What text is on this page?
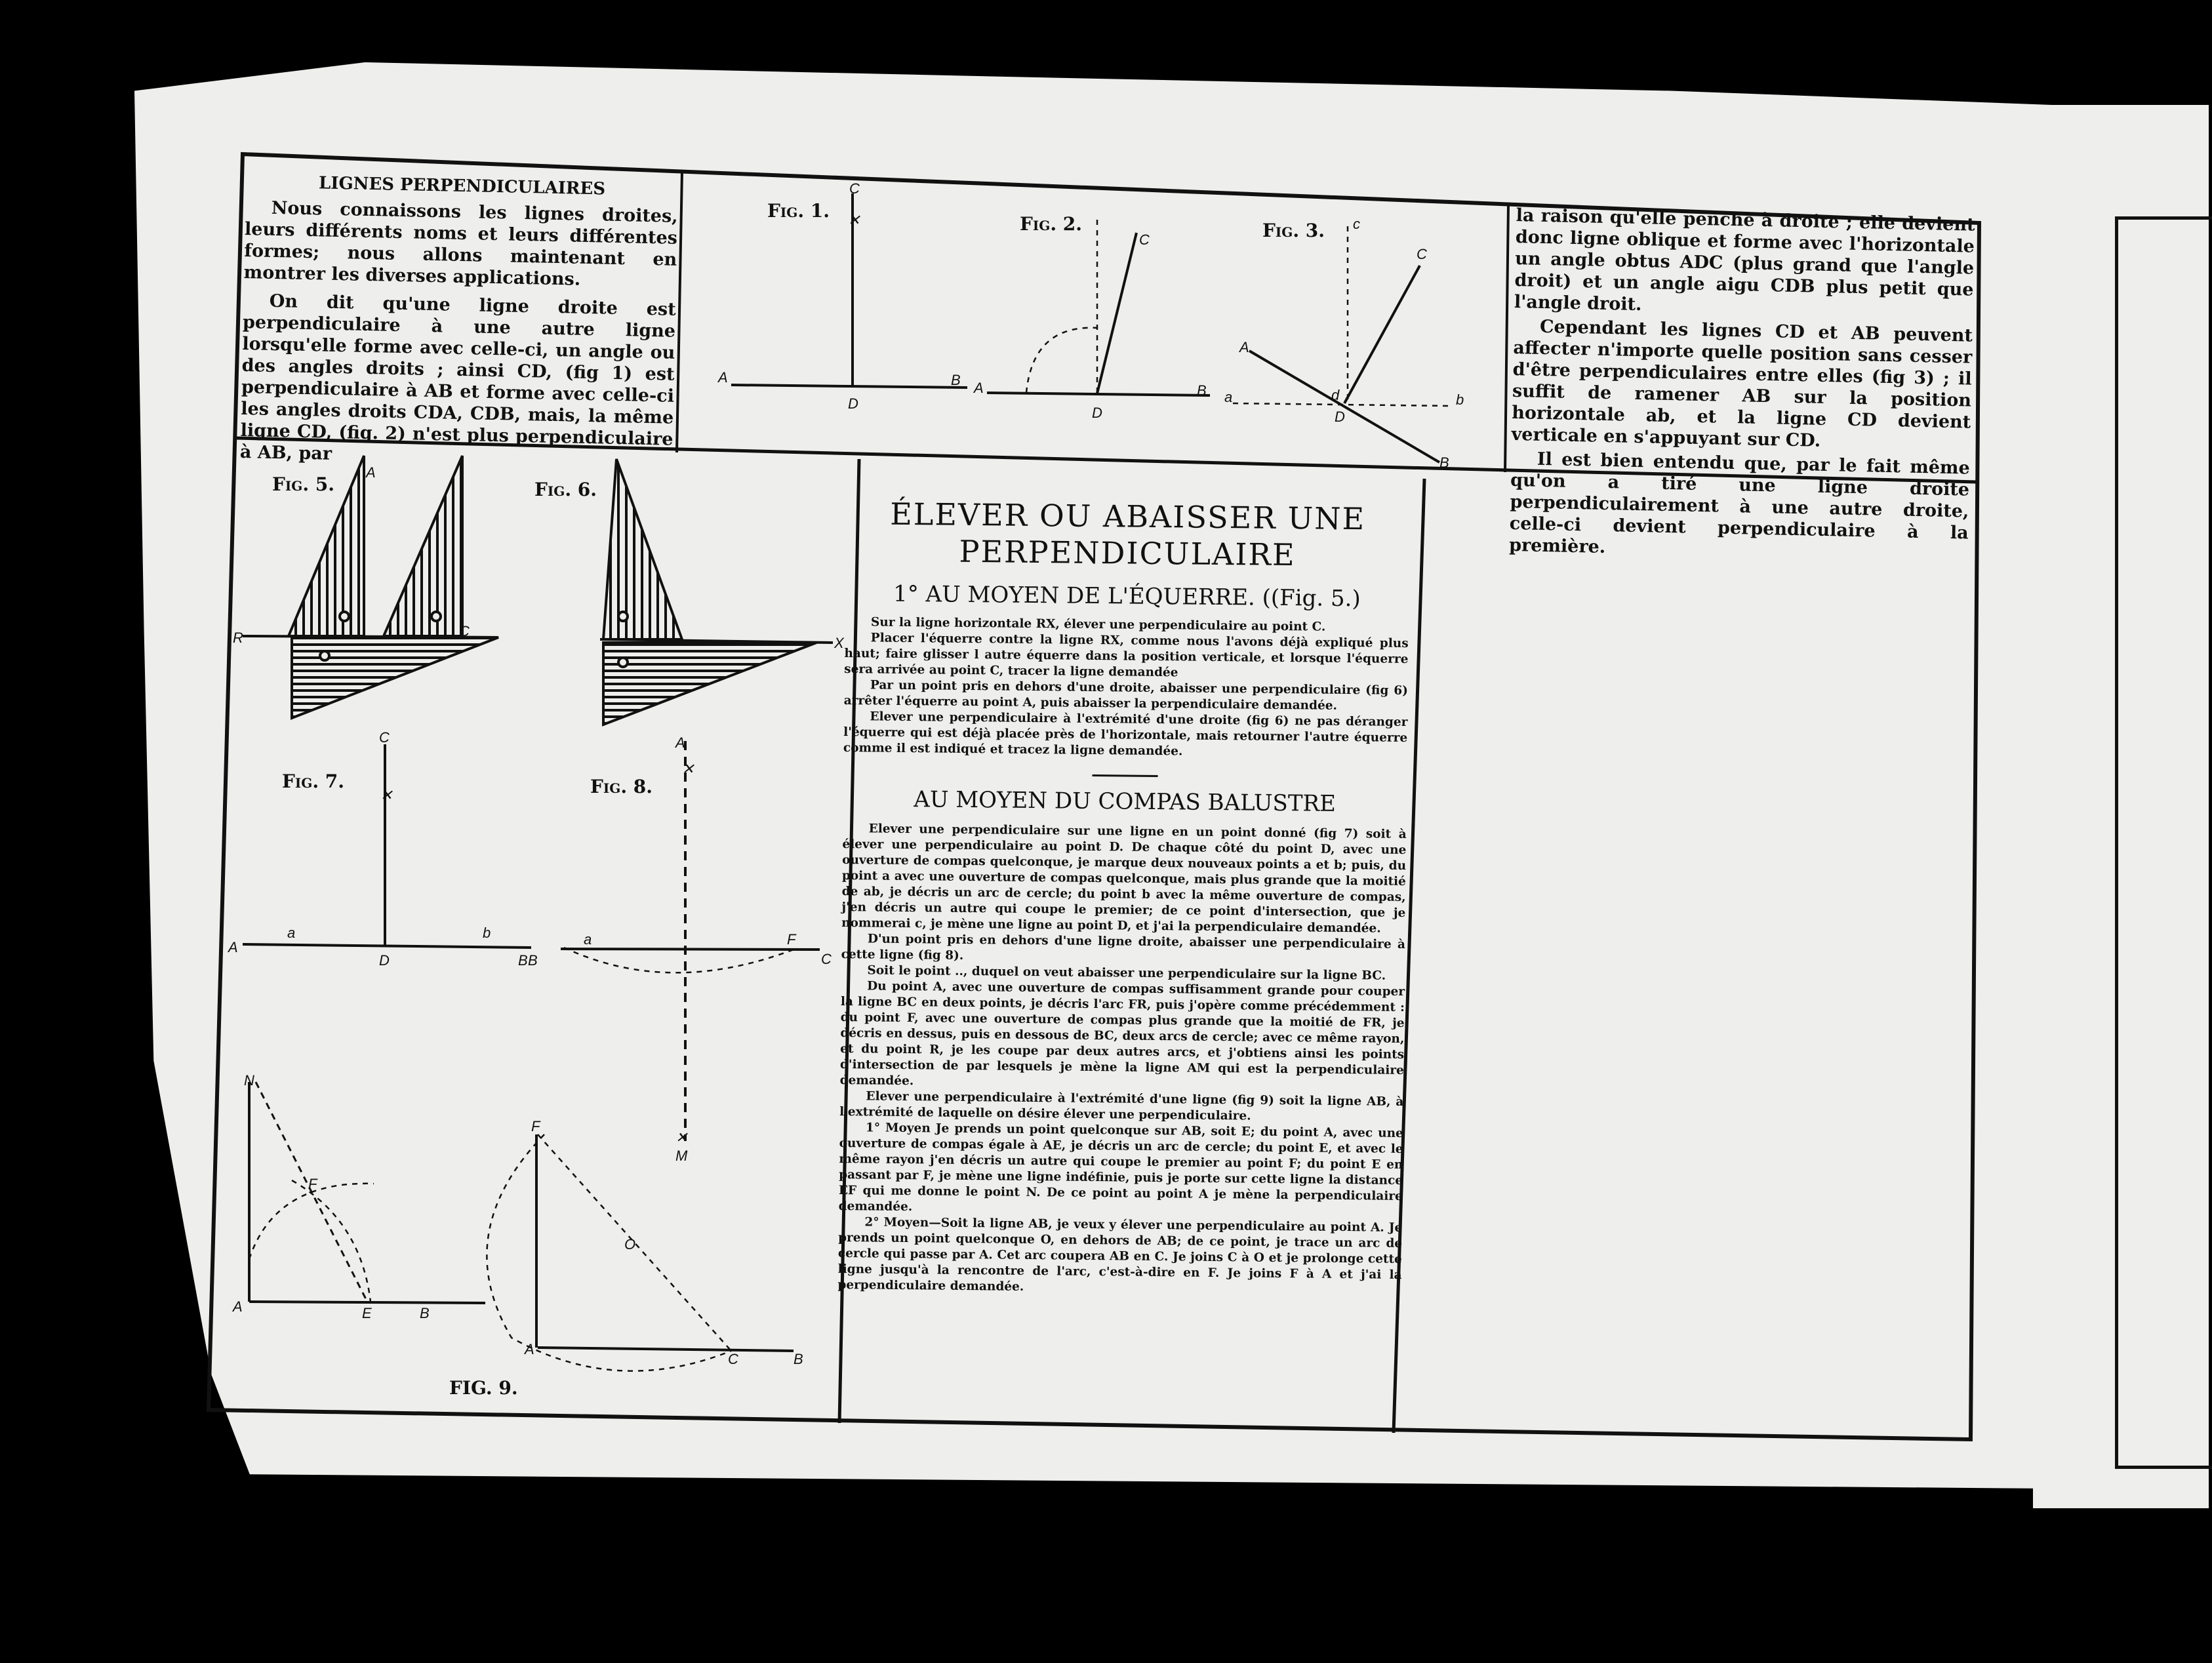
LIGNES PERPENDICULAIRES

Nous connaissons les lignes droites, leurs différents noms et leurs différentes formes; nous allons maintenant en montrer les diverses applications.

On dit qu'une ligne droite est perpendiculaire à une autre ligne lorsqu'elle forme avec celle-ci, un angle ou des angles droits ; ainsi CD, (fig 1) est perpendiculaire à AB et forme avec celle-ci les angles droits CDA, CDB, mais, la même ligne CD, (fig. 2) n'est plus perpendiculaire à AB, par

C
✕
A	B
D
C
A	B
D
c
C
A
a	b
d
D
B
Fig. 1.
Fig. 2.	Fig. 3.	la raison qu'elle penche à droite ; elle devient donc ligne oblique et forme avec l'horizontale un angle obtus ADC (plus grand que l'angle droit) et un angle aigu CDB plus petit que l'angle droit.

Cependant les lignes CD et AB peuvent affecter n'importe quelle position sans cesser d'être perpendiculaires entre elles (fig 3) ; il suffit de ramener AB sur la position horizontale ab, et la ligne CD devient verticale en s'appuyant sur CD.

Il est bien entendu que, par le fait même qu'on a tiré une ligne droite perpendiculairement à une autre droite, celle-ci devient perpendiculaire à la première.

R
A
C
X
A
C
✕
A
a	b
D	B B
a	F
C
✕
✕
M
N
F
A	E	B
F
O
A
C	B
Fig. 5.	Fig. 6.
Fig. 7.	Fig. 8.
FIG. 9.
ÉLEVER OU ABAISSER UNE
PERPENDICULAIRE
1° AU MOYEN DE L'ÉQUERRE. ((Fig. 5.)

Sur la ligne horizontale RX, élever une perpendiculaire au point C.

Placer l'équerre contre la ligne RX, comme nous l'avons déjà expliqué plus haut; faire glisser l autre équerre dans la position verticale, et lorsque l'équerre sera arrivée au point C, tracer la ligne demandée

Par un point pris en dehors d'une droite, abaisser une perpendiculaire (fig 6) arrêter l'équerre au point A, puis abaisser la perpendiculaire demandée.

Elever une perpendiculaire à l'extrémité d'une droite (fig 6) ne pas déranger l'équerre qui est déjà placée près de l'horizontale, mais retourner l'autre équerre comme il est indiqué et tracez la ligne demandée.

AU MOYEN DU COMPAS BALUSTRE

Elever une perpendiculaire sur une ligne en un point donné (fig 7) soit à élever une perpendiculaire au point D. De chaque côté du point D, avec une ouverture de compas quelconque, je marque deux nouveaux points a et b; puis, du point a avec une ouverture de compas quelconque, mais plus grande que la moitié de ab, je décris un arc de cercle; du point b avec la même ouverture de compas, j'en décris un autre qui coupe le premier; de ce point d'intersection, que je nommerai c, je mène une ligne au point D, et j'ai la perpendiculaire demandée.

D'un point pris en dehors d'une ligne droite, abaisser une perpendiculaire à cette ligne (fig 8).

Soit le point .., duquel on veut abaisser une perpendiculaire sur la ligne BC.

Du point A, avec une ouverture de compas suffisamment grande pour couper la ligne BC en deux points, je décris l'arc FR, puis j'opère comme précédemment : du point F, avec une ouverture de compas plus grande que la moitié de FR, je décris en dessus, puis en dessous de BC, deux arcs de cercle; avec ce même rayon, et du point R, je les coupe par deux autres arcs, et j'obtiens ainsi les points d'intersection de par lesquels je mène la ligne AM qui est la perpendiculaire demandée.

Elever une perpendiculaire à l'extrémité d'une ligne (fig 9) soit la ligne AB, à l'extrémité de laquelle on désire élever une perpendiculaire.

1° Moyen Je prends un point quelconque sur AB, soit E; du point A, avec une ouverture de compas égale à AE, je décris un arc de cercle; du point E, et avec le même rayon j'en décris un autre qui coupe le premier au point F; du point E en passant par F, je mène une ligne indéfinie, puis je porte sur cette ligne la distance EF qui me donne le point N. De ce point au point A je mène la perpendiculaire demandée.

2° Moyen—Soit la ligne AB, je veux y élever une perpendiculaire au point A. Je prends un point quelconque O, en dehors de AB; de ce point, je trace un arc de cercle qui passe par A. Cet arc coupera AB en C. Je joins C à O et je prolonge cette ligne jusqu'à la rencontre de l'arc, c'est-à-dire en F. Je joins F à A et j'ai la perpendiculaire demandée.
